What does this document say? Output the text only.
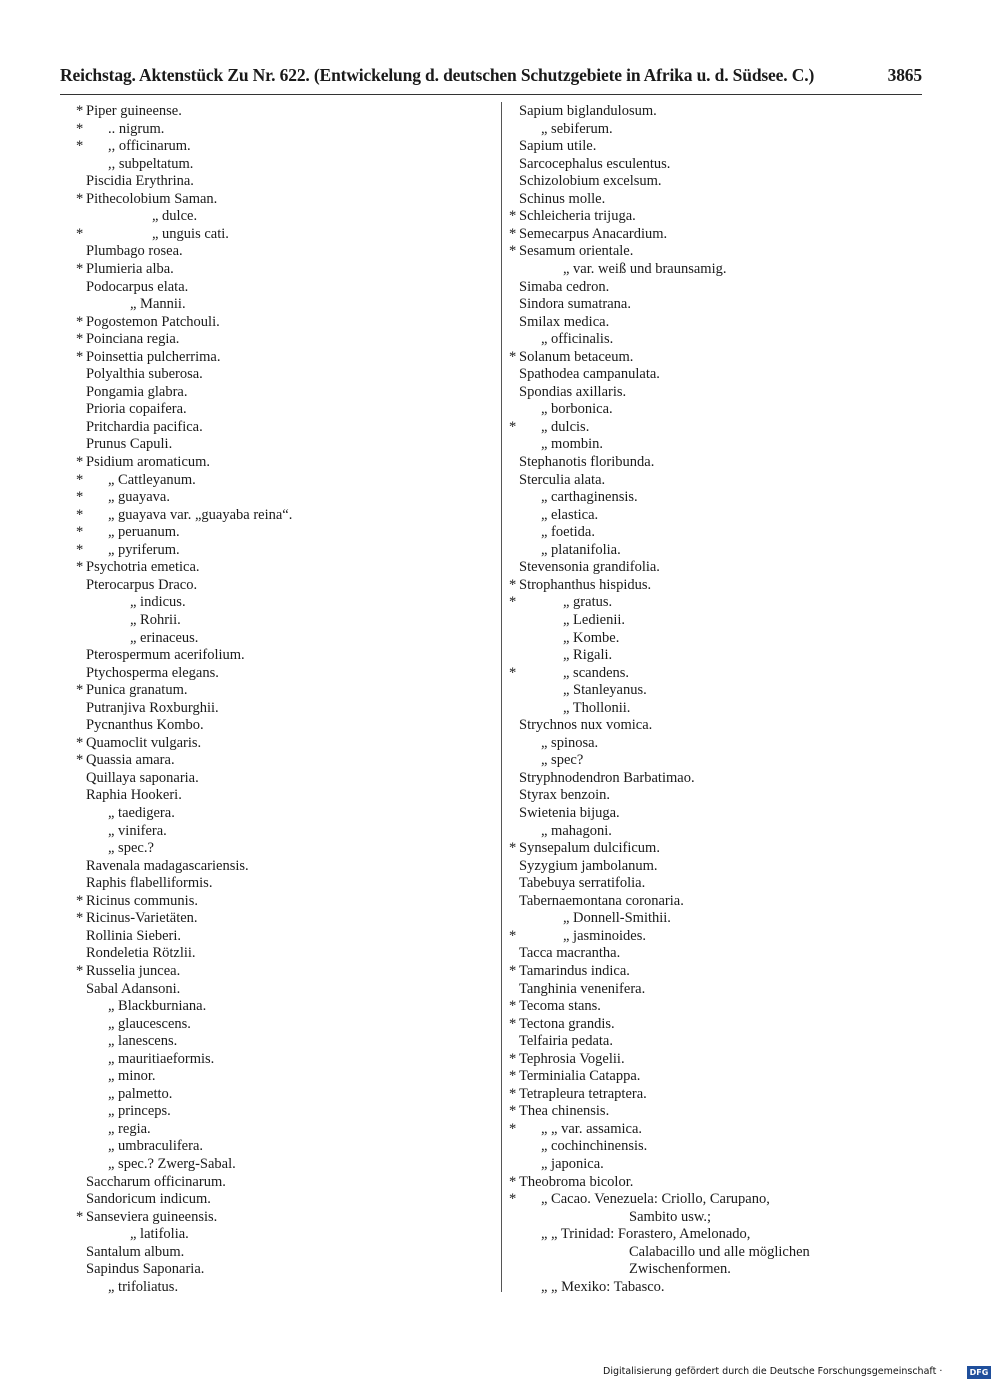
Reichstag. Aktenstück Zu Nr. 622. (Entwickelung d. deutschen Schutzgebiete in Afrika u. d. Südsee. C.)	3865
* Piper guineense.
* .. nigrum.
* ,, officinarum.
,, subpeltatum.
Piscidia Erythrina.
* Pithecolobium Saman.
„ dulce.
*	„ unguis cati.
Plumbago rosea.
* Plumieria alba.
Podocarpus elata.
„ Mannii.
* Pogostemon Patchouli.
* Poinciana regia.
* Poinsettia pulcherrima.
Polyalthia suberosa.
Pongamia glabra.
Prioria copaifera.
Pritchardia pacifica.
Prunus Capuli.
* Psidium aromaticum.
* „ Cattleyanum.
* „ guayava.
* „ guayava var. „guayaba reina“.
* „ peruanum.
* „ pyriferum.
* Psychotria emetica.
Pterocarpus Draco.
„ indicus.
„ Rohrii.
„ erinaceus.
Pterospermum acerifolium.
Ptychosperma elegans.
* Punica granatum.
Putranjiva Roxburghii.
Pycnanthus Kombo.
* Quamoclit vulgaris.
* Quassia amara.
Quillaya saponaria.
Raphia Hookeri.
„ taedigera.
„ vinifera.
„ spec.?
Ravenala madagascariensis.
Raphis flabelliformis.
* Ricinus communis.
* Ricinus-Varietäten.
Rollinia Sieberi.
Rondeletia Rötzlii.
* Russelia juncea.
Sabal Adansoni.
„ Blackburniana.
„ glaucescens.
„ lanescens.
„ mauritiaeformis.
„ minor.
„ palmetto.
„ princeps.
„ regia.
„ umbraculifera.
„ spec.? Zwerg-Sabal.
Saccharum officinarum.
Sandoricum indicum.
* Sanseviera guineensis.
„ latifolia.
Santalum album.
Sapindus Saponaria.
„ trifoliatus.
Sapium biglandulosum.
„ sebiferum.
Sapium utile.
Sarcocephalus esculentus.
Schizolobium excelsum.
Schinus molle.
* Schleicheria trijuga.
* Semecarpus Anacardium.
* Sesamum orientale.
„ var. weiß und braunsamig.
Simaba cedron.
Sindora sumatrana.
Smilax medica.
„ officinalis.
* Solanum betaceum.
Spathodea campanulata.
Spondias axillaris.
„ borbonica.
* „ dulcis.
„ mombin.
Stephanotis floribunda.
Sterculia alata.
„ carthaginensis.
„ elastica.
„ foetida.
„ platanifolia.
Stevensonia grandifolia.
* Strophanthus hispidus.
*	„ gratus.
„ Ledienii.
„ Kombe.
„ Rigali.
*	„ scandens.
„ Stanleyanus.
„ Thollonii.
Strychnos nux vomica.
„ spinosa.
„ spec?
Stryphnodendron Barbatimao.
Styrax benzoin.
Swietenia bijuga.
„ mahagoni.
* Synsepalum dulcificum.
Syzygium jambolanum.
Tabebuya serratifolia.
Tabernaemontana coronaria.
„ Donnell-Smithii.
*	„ jasminoides.
Tacca macrantha.
* Tamarindus indica.
Tanghinia venenifera.
* Tecoma stans.
* Tectona grandis.
Telfairia pedata.
* Tephrosia Vogelii.
* Terminialia Catappa.
* Tetrapleura tetraptera.
* Thea chinensis.
* „ „ var. assamica.
„ cochinchinensis.
„ japonica.
* Theobroma bicolor.
* „ Cacao. Venezuela: Criollo, Carupano,
Sambito usw.;
„ „ Trinidad: Forastero, Amelonado,
Calabacillo und alle möglichen
Zwischenformen.
„ „ Mexiko: Tabasco.
Digitalisierung gefördert durch die Deutsche Forschungsgemeinschaft ·	DFG
